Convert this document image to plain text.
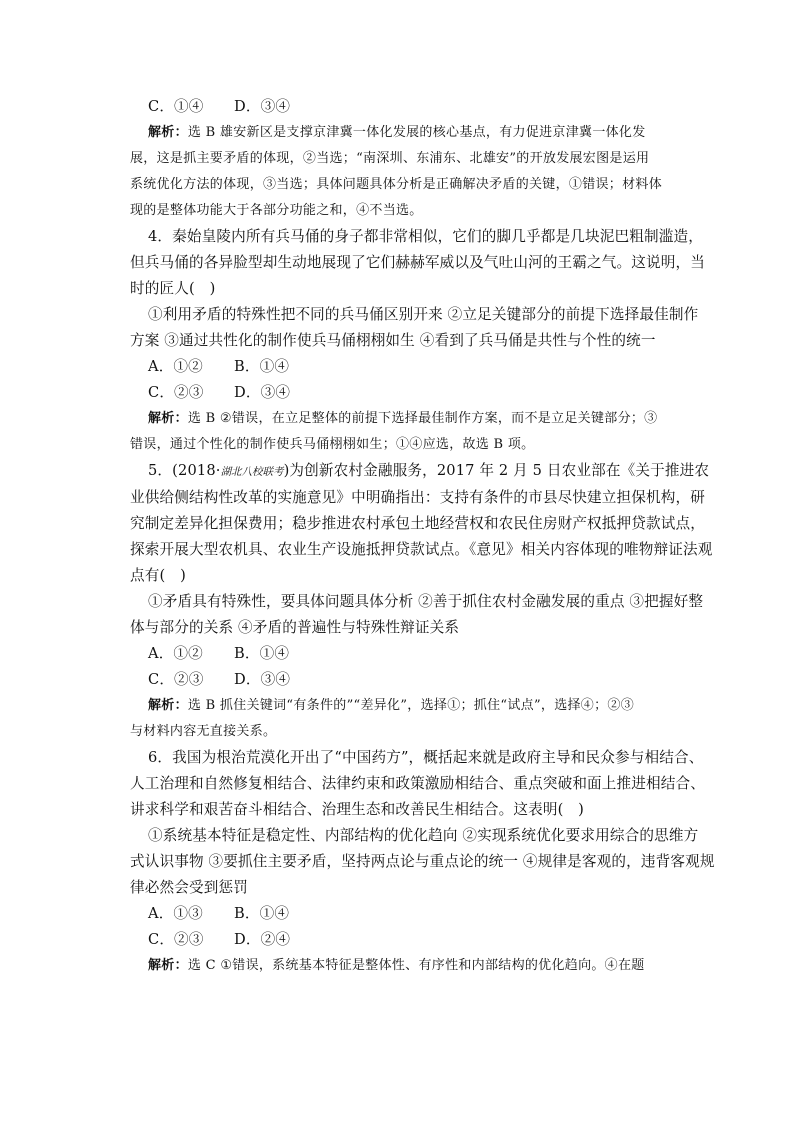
C．①④ D．③④
解析：选 B 雄安新区是支撑京津冀一体化发展的核心基点，有力促进京津冀一体化发
展，这是抓主要矛盾的体现，②当选；“南深圳、东浦东、北雄安”的开放发展宏图是运用
系统优化方法的体现，③当选；具体问题具体分析是正确解决矛盾的关键，①错误；材料体
现的是整体功能大于各部分功能之和，④不当选。
4．秦始皇陵内所有兵马俑的身子都非常相似，它们的脚几乎都是几块泥巴粗制滥造，
但兵马俑的各异脸型却生动地展现了它们赫赫军威以及气吐山河的王霸之气。这说明，当
时的匠人(　)
①利用矛盾的特殊性把不同的兵马俑区别开来 ②立足关键部分的前提下选择最佳制作
方案 ③通过共性化的制作使兵马俑栩栩如生 ④看到了兵马俑是共性与个性的统一
A．①② B．①④
C．②③ D．③④
解析：选 B ②错误，在立足整体的前提下选择最佳制作方案，而不是立足关键部分；③
错误，通过个性化的制作使兵马俑栩栩如生；①④应选，故选 B 项。
5．(2018·湖北八校联考)为创新农村金融服务，2017 年 2 月 5 日农业部在《关于推进农
业供给侧结构性改革的实施意见》中明确指出：支持有条件的市县尽快建立担保机构，研
究制定差异化担保费用；稳步推进农村承包土地经营权和农民住房财产权抵押贷款试点，
探索开展大型农机具、农业生产设施抵押贷款试点。《意见》相关内容体现的唯物辩证法观
点有(　)
①矛盾具有特殊性，要具体问题具体分析 ②善于抓住农村金融发展的重点 ③把握好整
体与部分的关系 ④矛盾的普遍性与特殊性辩证关系
A．①② B．①④
C．②③ D．③④
解析：选 B 抓住关键词“有条件的”“差异化”，选择①；抓住“试点”，选择④；②③
与材料内容无直接关系。
6．我国为根治荒漠化开出了“中国药方”，概括起来就是政府主导和民众参与相结合、
人工治理和自然修复相结合、法律约束和政策激励相结合、重点突破和面上推进相结合、
讲求科学和艰苦奋斗相结合、治理生态和改善民生相结合。这表明(　)
①系统基本特征是稳定性、内部结构的优化趋向 ②实现系统优化要求用综合的思维方
式认识事物 ③要抓住主要矛盾，坚持两点论与重点论的统一 ④规律是客观的，违背客观规
律必然会受到惩罚
A．①③ B．①④
C．②③ D．②④
解析：选 C ①错误，系统基本特征是整体性、有序性和内部结构的优化趋向。④在题
